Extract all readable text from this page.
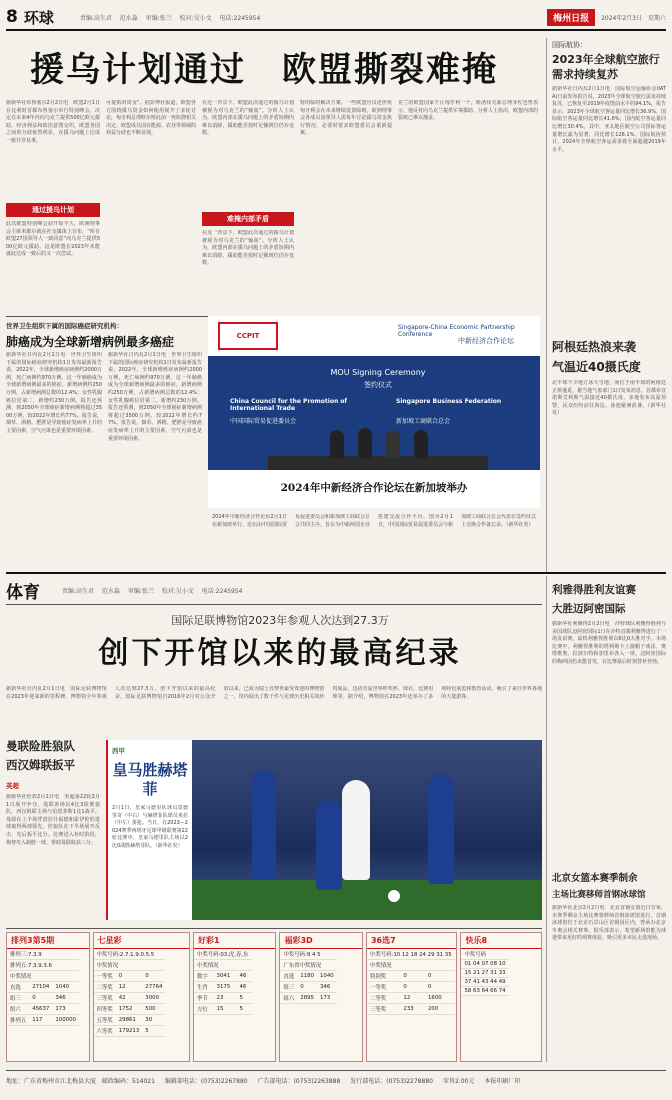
8 环球	责编:高生君　 范水淼　 审编:张兰　 校对:吴小文　 电话:2245954	梅州日报	2024年2月3日　星期六
援乌计划通过　欧盟撕裂难掩
据新华社布鲁塞尔2月2日电　欧盟2月1日在比利时首都布鲁塞尔举行特别峰会，决定在未来4年内向乌克兰提供500亿欧元援助。经济利益和政治意图交织，欧盟各国之间的分歧依然明显，在援乌问题上达成一致并非易事。
通过援乌计划
此次欧盟特别峰会前开始不久，欧洲理事会主席米歇尔就在社交媒体上宣布，“所有欧盟27国领导人一致同意”向乌克兰提供500亿欧元援助。这是欧盟在2023年未能就此达成一致后的又一次尝试。
可提供的资金”。据彭博社报道，欧盟各方围绕援乌资金如何使用展开了多轮讨论，匈牙利总理欧尔班此前一再阻挠相关决定。欧盟成员国在能源、农业等领域的利益分歧也不断显现。
在这一背景下，欧盟此次通过的援乌计划被视为对乌克兰的“输血”。分析人士认为，欧盟内部在援乌问题上的矛盾短期内难以消除，援助能否按时足额到位仍存变数。
难掩内部矛盾
在这一背景下，欧盟此次通过的援乌计划被视为对乌克兰的“输血”。分析人士认为，欧盟内部在援乌问题上的矛盾短期内难以消除，援助能否按时足额到位仍存变数。
特的临时解决方案。一些欧盟官员还担忧匈牙利会在未来继续设置障碍。欧洲理事会各成员国领导人需每年讨论援乌资金执行情况，必要时要求欧盟委员会重新提案。
克兰的欧盟国家不止匈牙利一个，斯洛伐克新总理菲佐也曾表示，他反对向乌克兰提供军事援助。分析人士指出，欧盟内部的裂痕已难以掩盖。
国际航协：
2023年全球航空旅行需求持续复苏
据新华社日内瓦2月1日电　国际航空运输协会(IATA)日前发布报告说，2023年全球航空旅行需求持续复苏，已恢复至2019年疫情前水平的94.1%。报告显示，2023年全球航空客运量同比增长36.9%，国际航空客运量同比增长41.6%，国内航空客运量同比增长30.4%。其中，亚太地区航空公司国际客运量增长最为显著，同比增长126.1%。国际航协预计，2024年全球航空客运需求将全面超越2019年水平。
世界卫生组织下属的国际癌症研究机构：
肺癌成为全球新增病例最多癌症
据新华社日内瓦2月1日电　世界卫生组织下属的国际癌症研究机构1日发布最新报告说，2022年，全球新增癌症病例约2000万例，死亡病例约970万例。这一年肺癌成为全球新增病例最多的癌症，新增病例约250万例，占新增病例总数的12.4%；女性乳腺癌位居第二，新增约230万例。报告还预测，到2050年全球癌症新增病例将超过3500万例，较2022年增长约77%。报告说，烟草、酒精、肥胖是导致癌症发病率上升的主要因素，空气污染也是重要环境因素。
据新华社日内瓦2月1日电　世界卫生组织下属的国际癌症研究机构1日发布最新报告说，2022年，全球新增癌症病例约2000万例，死亡病例约970万例。这一年肺癌成为全球新增病例最多的癌症，新增病例约250万例，占新增病例总数的12.4%；女性乳腺癌位居第二，新增约230万例。报告还预测，到2050年全球癌症新增病例将超过3500万例，较2022年增长约77%。报告说，烟草、酒精、肥胖是导致癌症发病率上升的主要因素，空气污染也是重要环境因素。
CCPIT
Singapore-China Economic Partnership Conference
中新经济合作论坛
MOU Signing Ceremony
签约仪式
China Council for the Promotion of International Trade
中国国际贸易促进委员会
Singapore Business Federation
新加坡工商联合总会
2024年中新经济合作论坛在新加坡举办
2024年中新经济合作论坛2月1日在新加坡举行。论坛由中国国际贸易促进委员会和新加坡工商联合总会共同主办，旨在为中新两国企业搭建交流合作平台。图为2月1日，中国国际贸易促进委员会与新加坡工商联合总会代表在签约仪式上交换合作备忘录。（新华社发）
阿根廷热浪来袭
气温近40摄氏度
北半球不少地方冰天雪地，而位于南半球的阿根廷正值盛夏。据当地气象部门1日发布消息，首都布宜诺斯艾利斯气温接近40摄氏度，多地发布高温预警，民众纷纷前往海边、泳池避暑消暑。（新华社发）
体育	责编:高生君　 范水淼　 审编:张兰　 校对:吴小文　 电话:2245954
国际足联博物馆2023年参观人次达到27.3万
创下开馆以来的最高纪录
据新华社日内瓦2月1日电　国际足联博物馆在2023年迎来新的里程碑，博物馆全年参观人次达到27.3万，创下开馆以来的最高纪录。国际足联博物馆自2016年2月对公众开放以来，已成为瑞士苏黎世最受欢迎的博物馆之一。馆内展出了数千件与足球历史相关的珍贵展品，包括历届世界杯奖杯、球衣、比赛用球等。据介绍，博物馆在2023年还举办了多场特色展览和教育活动，吸引了来自世界各地的大量游客。
曼联险胜狼队
西汉姆联扳平
英超
据新华社伦敦2月1日电　英超第22轮2月1日展开争夺，曼联客场以4比3险胜狼队，西汉姆联主场与伯恩茅斯1比1战平。曼联在上半场凭借拉什福德和霍伊伦的进球取得两球领先，但狼队在下半场展开反击，先后扳平比分。比赛进入补时阶段，梅努攻入制胜一球，帮助曼联收获三分。
西甲
皇马胜赫塔菲
2月1日，皇家马德里队球员莫德里奇（中右）与赫塔菲队球员米拉（中左）拼抢。当日，在2023—2024赛季西班牙足球甲级联赛第22轮比赛中，皇家马德里队主场以2比0战胜赫塔菲队。（新华社发）
利雅得胜利友谊赛
大胜迈阿密国际
据新华社利雅得2月2日电　沙特球队利雅得胜利与美国球队迈阿密国际1日在沙特首都利雅得进行了一场友谊赛。最终利雅得胜利以6比0大胜对手。本场比赛中，利雅得胜利的塔利斯卡上演帽子戏法，奥塔维奥、拉波尔特和加里布各入一球。迈阿密国际的梅西因伤未能首发，在比赛最后时刻替补登场。
北京女篮本赛季制余
主场比赛移师首钢冰球馆
据新华社北京2月2日电　北京首钢女篮近日宣布，本赛季剩余主场比赛将移师首钢冰球馆进行。首钢冰球馆位于北京石景山区首钢园区内，曾承办北京冬奥会相关赛事。俱乐部表示，希望新场馆能为球迷带来更好的观赛体验，吸引更多市民走进现场。
排列3第5期
排列三:7.3.9		
排列五:7.3.9.3.6		
中奖情况		
直选	27104	1040
组三	0	346
组六	45637	173
排列五	117	100000
七星彩
中奖号码:2.7.1.9.0.5.5		
中奖情况		
一等奖	0	0
二等奖	12	27764
三等奖	42	3000
四等奖	1752	500
五等奖	29861	30
六等奖	179213	5
好彩1
中奖号码:03,虎,春,东		
中奖情况		
数字	3041	46
生肖	3175	46
季节	23	5
方位	15	5
福彩3D
中奖号码:9 4 5		
广东省中奖情况		
直选	1180	1040
组三	0	346
组六	2895	173
36选7
中奖号码:10 12 18 24 29 31 35		
中奖情况		
特别奖	0	0
一等奖	0	0
二等奖	12	1600
三等奖	233	200
快乐8
中奖号码
01 04 07 08 10
15 21 27 31 33
37 41 43 44 49
58 63 64 66 74
地址：广东省梅州市江北梅县大厦　邮政编码：514021 编辑部电话：(0753)2267880 广告部电话：(0753)2263888 发行部电话：(0753)2278880 零售2.00元 本报印刷厂印
